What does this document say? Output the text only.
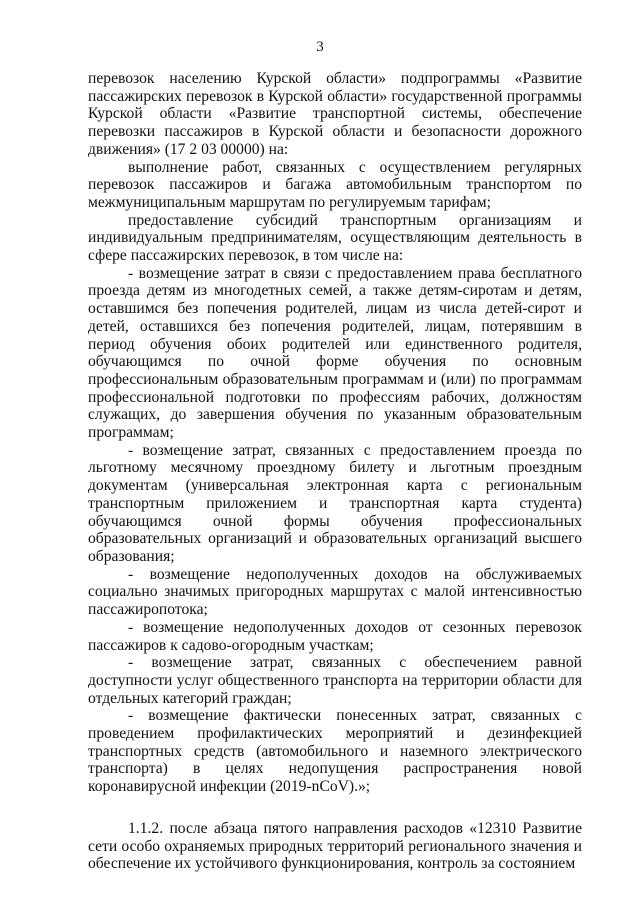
3

перевозок населению Курской области» подпрограммы «Развитие пассажирских перевозок в Курской области» государственной программы Курской области «Развитие транспортной системы, обеспечение перевозки пассажиров в Курской области и безопасности дорожного движения» (17 2 03 00000) на:

выполнение работ, связанных с осуществлением регулярных перевозок пассажиров и багажа автомобильным транспортом по межмуниципальным маршрутам по регулируемым тарифам;

предоставление субсидий транспортным организациям и индивидуальным предпринимателям, осуществляющим деятельность в сфере пассажирских перевозок, в том числе на:

- возмещение затрат в связи с предоставлением права бесплатного проезда детям из многодетных семей, а также детям-сиротам и детям, оставшимся без попечения родителей, лицам из числа детей-сирот и детей, оставшихся без попечения родителей, лицам, потерявшим в период обучения обоих родителей или единственного родителя, обучающимся по очной форме обучения по основным профессиональным образовательным программам и (или) по программам профессиональной подготовки по профессиям рабочих, должностям служащих, до завершения обучения по указанным образовательным программам;

- возмещение затрат, связанных с предоставлением проезда по льготному месячному проездному билету и льготным проездным документам (универсальная электронная карта с региональным транспортным приложением и транспортная карта студента) обучающимся очной формы обучения профессиональных образовательных организаций и образовательных организаций высшего образования;

- возмещение недополученных доходов на обслуживаемых социально значимых пригородных маршрутах с малой интенсивностью пассажиропотока;

- возмещение недополученных доходов от сезонных перевозок пассажиров к садово-огородным участкам;

- возмещение затрат, связанных с обеспечением равной доступности услуг общественного транспорта на территории области для отдельных категорий граждан;

- возмещение фактически понесенных затрат, связанных с проведением профилактических мероприятий и дезинфекцией транспортных средств (автомобильного и наземного электрического транспорта) в целях недопущения распространения новой коронавирусной инфекции (2019-nCoV).»;

1.1.2. после абзаца пятого направления расходов «12310 Развитие сети особо охраняемых природных территорий регионального значения и обеспечение их устойчивого функционирования, контроль за состоянием
